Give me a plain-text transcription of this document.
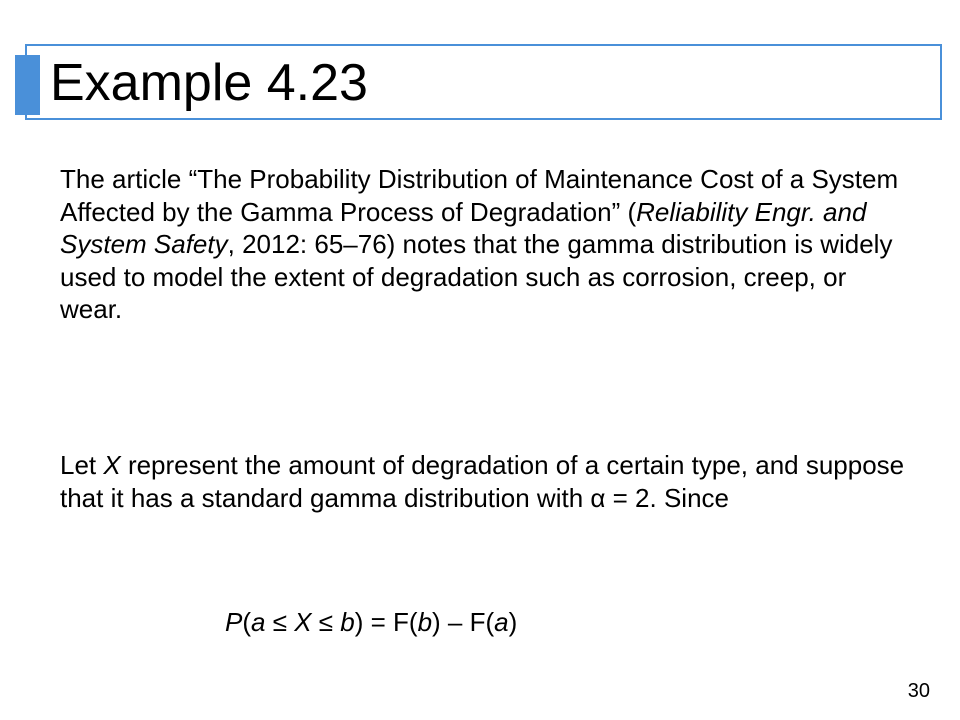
Example 4.23

The article “The Probability Distribution of Maintenance Cost of a System Affected by the Gamma Process of Degradation” (Reliability Engr. and System Safety, 2012: 65–76) notes that the gamma distribution is widely used to model the extent of degradation such as corrosion, creep, or wear.

Let X represent the amount of degradation of a certain type, and suppose that it has a standard gamma distribution with α = 2. Since

P(a ≤ X ≤ b) = F(b) – F(a)

30
